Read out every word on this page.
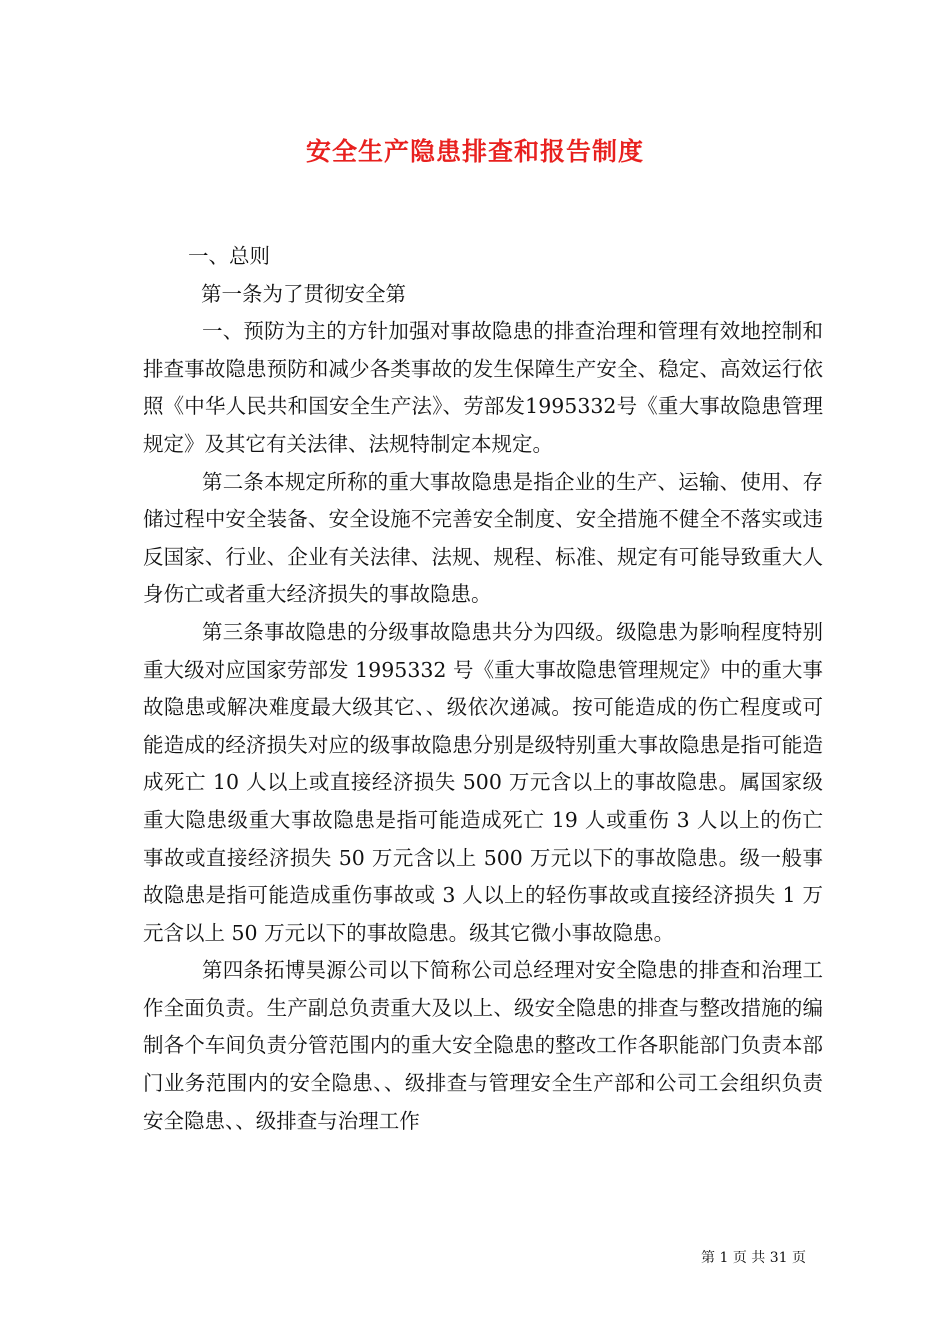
安全生产隐患排查和报告制度

一、总则

第一条为了贯彻安全第

一、预防为主的方针加强对事故隐患的排查治理和管理有效地控制和排查事故隐患预防和减少各类事故的发生保障生产安全、稳定、高效运行依照《中华人民共和国安全生产法》、劳部发1995332号《重大事故隐患管理规定》及其它有关法律、法规特制定本规定。

第二条本规定所称的重大事故隐患是指企业的生产、运输、使用、存储过程中安全装备、安全设施不完善安全制度、安全措施不健全不落实或违反国家、行业、企业有关法律、法规、规程、标准、规定有可能导致重大人身伤亡或者重大经济损失的事故隐患。

第三条事故隐患的分级事故隐患共分为四级。级隐患为影响程度特别重大级对应国家劳部发 1995332 号《重大事故隐患管理规定》中的重大事故隐患或解决难度最大级其它、、级依次递减。按可能造成的伤亡程度或可能造成的经济损失对应的级事故隐患分别是级特别重大事故隐患是指可能造成死亡 10 人以上或直接经济损失 500 万元含以上的事故隐患。属国家级重大隐患级重大事故隐患是指可能造成死亡 19 人或重伤 3 人以上的伤亡事故或直接经济损失 50 万元含以上 500 万元以下的事故隐患。级一般事故隐患是指可能造成重伤事故或 3 人以上的轻伤事故或直接经济损失 1 万元含以上 50 万元以下的事故隐患。级其它微小事故隐患。

第四条拓博昊源公司以下简称公司总经理对安全隐患的排查和治理工作全面负责。生产副总负责重大及以上、级安全隐患的排查与整改措施的编制各个车间负责分管范围内的重大安全隐患的整改工作各职能部门负责本部门业务范围内的安全隐患、、级排查与管理安全生产部和公司工会组织负责安全隐患、、级排查与治理工作

第 1 页 共 31 页
